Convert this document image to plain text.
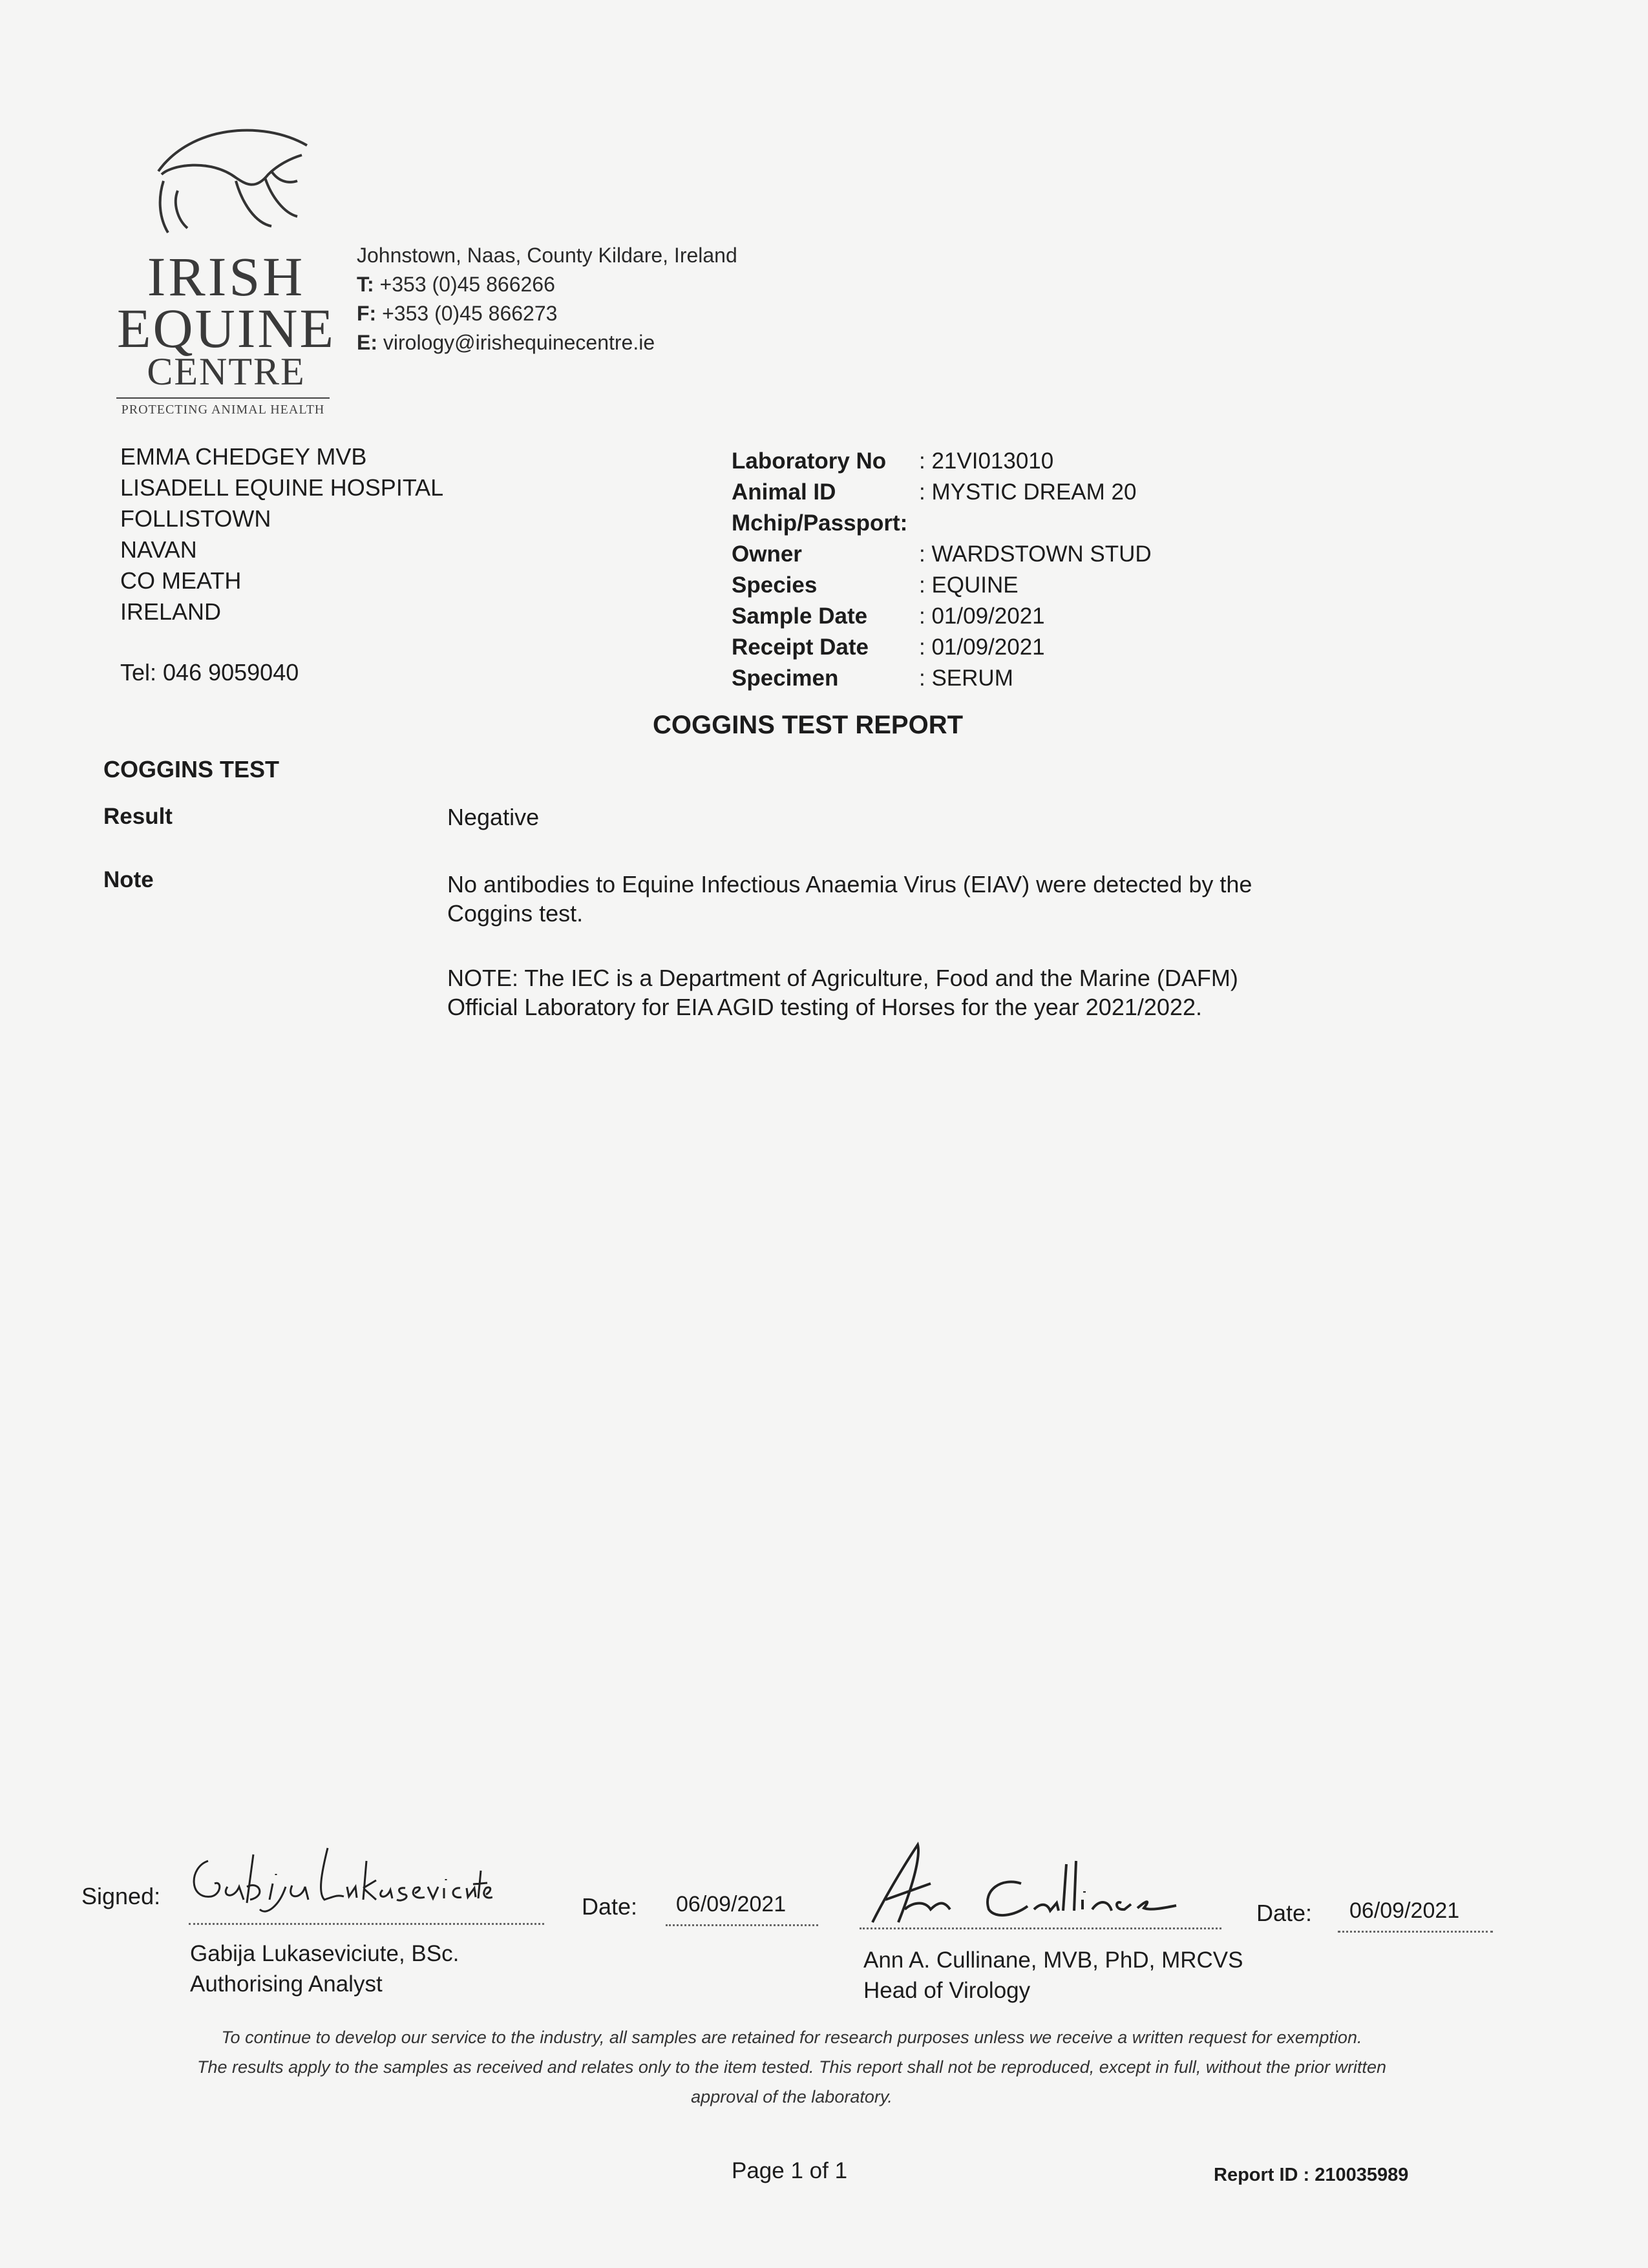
IRISH
EQUINE
CENTRE
PROTECTING ANIMAL HEALTH
Johnstown, Naas, County Kildare, Ireland
T: +353 (0)45 866266
F: +353 (0)45 866273
E: virology@irishequinecentre.ie
EMMA CHEDGEY MVB
LISADELL EQUINE HOSPITAL
FOLLISTOWN
NAVAN
CO MEATH
IRELAND
Tel: 046 9059040
Laboratory No : 21VI013010
Animal ID	: MYSTIC DREAM 20
Mchip/Passport:
Owner	: WARDSTOWN STUD
Species	: EQUINE
Sample Date : 01/09/2021
Receipt Date : 01/09/2021
Specimen	: SERUM
COGGINS TEST REPORT
COGGINS TEST
Result	Negative
Note	No antibodies to Equine Infectious Anaemia Virus (EIAV) were detected by the Coggins test.

NOTE: The IEC is a Department of Agriculture, Food and the Marine (DAFM) Official Laboratory for EIA AGID testing of Horses for the year 2021/2022.

Signed:	Date: 06/09/2021
Gabija Lukaseviciute, BSc.
Authorising Analyst
Date: 06/09/2021
Ann A. Cullinane, MVB, PhD, MRCVS
Head of Virology
To continue to develop our service to the industry, all samples are retained for research purposes unless we receive a written request for exemption.
The results apply to the samples as received and relates only to the item tested. This report shall not be reproduced, except in full, without the prior written approval of the laboratory.
Page 1 of 1	Report ID : 210035989
